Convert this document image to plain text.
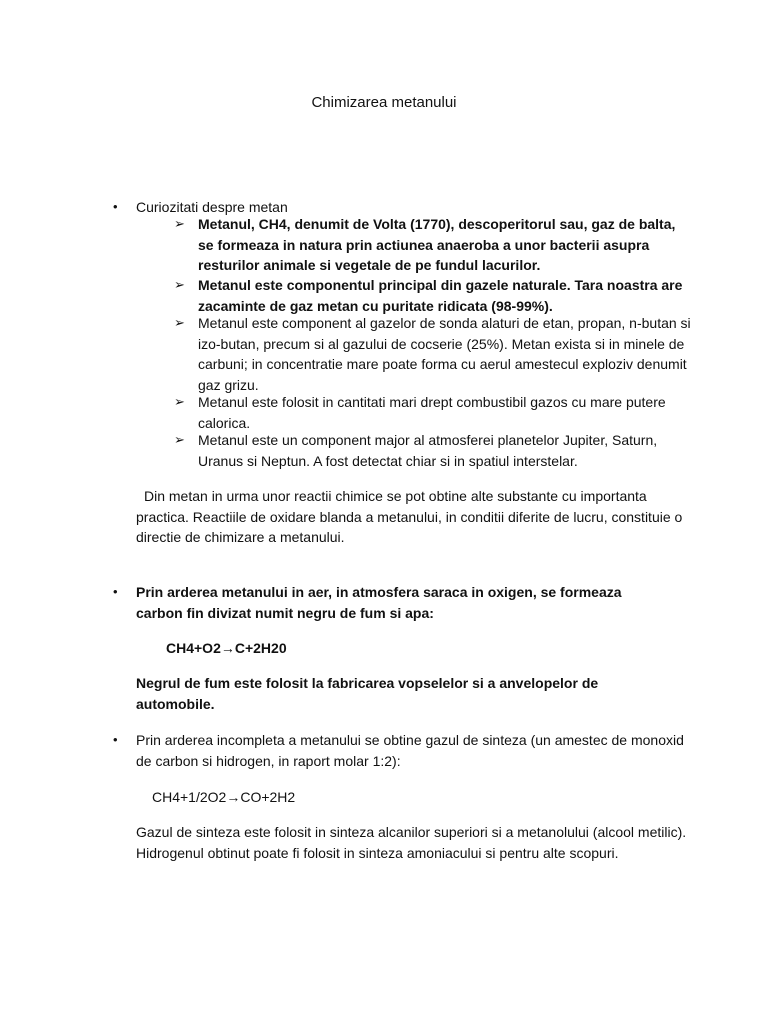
Chimizarea metanului
• Curiozitati despre metan
➢ Metanul, CH4, denumit de Volta (1770), descoperitorul sau, gaz de balta, se formeaza in natura prin actiunea anaeroba a unor bacterii asupra resturilor animale si vegetale de pe fundul lacurilor.
➢ Metanul este componentul principal din gazele naturale. Tara noastra are zacaminte de gaz metan cu puritate ridicata (98-99%).
➢ Metanul este component al gazelor de sonda alaturi de etan, propan, n-butan si izo-butan, precum si al gazului de cocserie (25%). Metan exista si in minele de carbuni; in concentratie mare poate forma cu aerul amestecul exploziv denumit gaz grizu.
➢ Metanul este folosit in cantitati mari drept combustibil gazos cu mare putere calorica.
➢ Metanul este un component major al atmosferei planetelor Jupiter, Saturn, Uranus si Neptun. A fost detectat chiar si in spatiul interstelar.
Din metan in urma unor reactii chimice se pot obtine alte substante cu importanta practica. Reactiile de oxidare blanda a metanului, in conditii diferite de lucru, constituie o directie de chimizare a metanului.
• Prin arderea metanului in aer, in atmosfera saraca in oxigen, se formeaza carbon fin divizat numit negru de fum si apa:
CH4+O2→C+2H20
Negrul de fum este folosit la fabricarea vopselelor si a anvelopelor de automobile.
• Prin arderea incompleta a metanului se obtine gazul de sinteza (un amestec de monoxid de carbon si hidrogen, in raport molar 1:2):
CH4+1/2O2→CO+2H2
Gazul de sinteza este folosit in sinteza alcanilor superiori si a metanolului (alcool metilic). Hidrogenul obtinut poate fi folosit in sinteza amoniacului si pentru alte scopuri.
